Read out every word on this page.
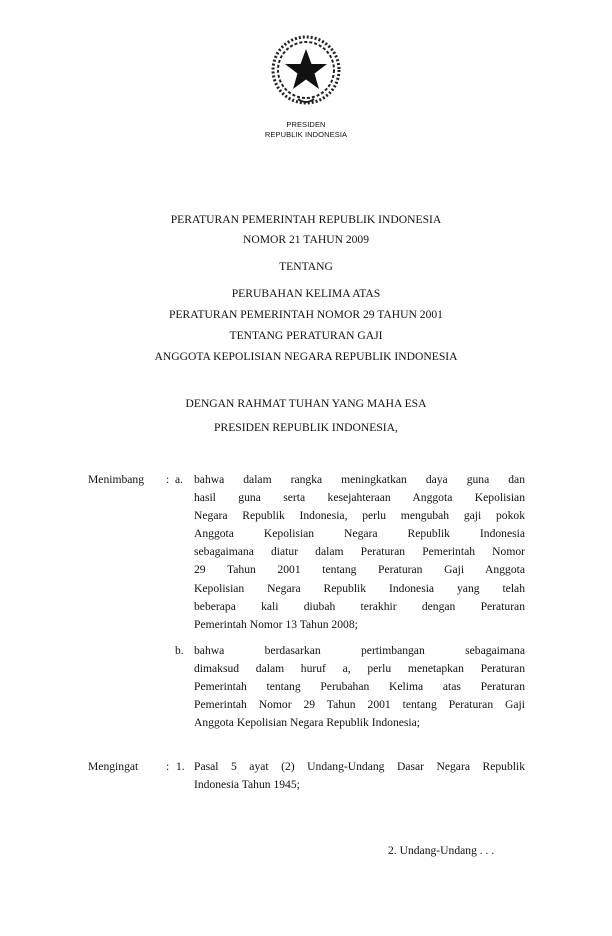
PRESIDEN
REPUBLIK INDONESIA
PERATURAN PEMERINTAH REPUBLIK INDONESIA
NOMOR 21 TAHUN 2009
TENTANG
PERUBAHAN KELIMA ATAS
PERATURAN PEMERINTAH NOMOR 29 TAHUN 2001
TENTANG PERATURAN GAJI
ANGGOTA KEPOLISIAN NEGARA REPUBLIK INDONESIA
DENGAN RAHMAT TUHAN YANG MAHA ESA
PRESIDEN REPUBLIK INDONESIA,
Menimbang : a. bahwa dalam rangka meningkatkan daya guna dan
hasil guna serta kesejahteraan Anggota Kepolisian
Negara Republik Indonesia, perlu mengubah gaji pokok
Anggota Kepolisian Negara Republik Indonesia
sebagaimana diatur dalam Peraturan Pemerintah Nomor
29 Tahun 2001 tentang Peraturan Gaji Anggota
Kepolisian Negara Republik Indonesia yang telah
beberapa kali diubah terakhir dengan Peraturan
Pemerintah Nomor 13 Tahun 2008;
b. bahwa berdasarkan pertimbangan sebagaimana
dimaksud dalam huruf a, perlu menetapkan Peraturan
Pemerintah tentang Perubahan Kelima atas Peraturan
Pemerintah Nomor 29 Tahun 2001 tentang Peraturan Gaji
Anggota Kepolisian Negara Republik Indonesia;
Mengingat : 1. Pasal 5 ayat (2) Undang-Undang Dasar Negara Republik
Indonesia Tahun 1945;
2. Undang-Undang . . .
